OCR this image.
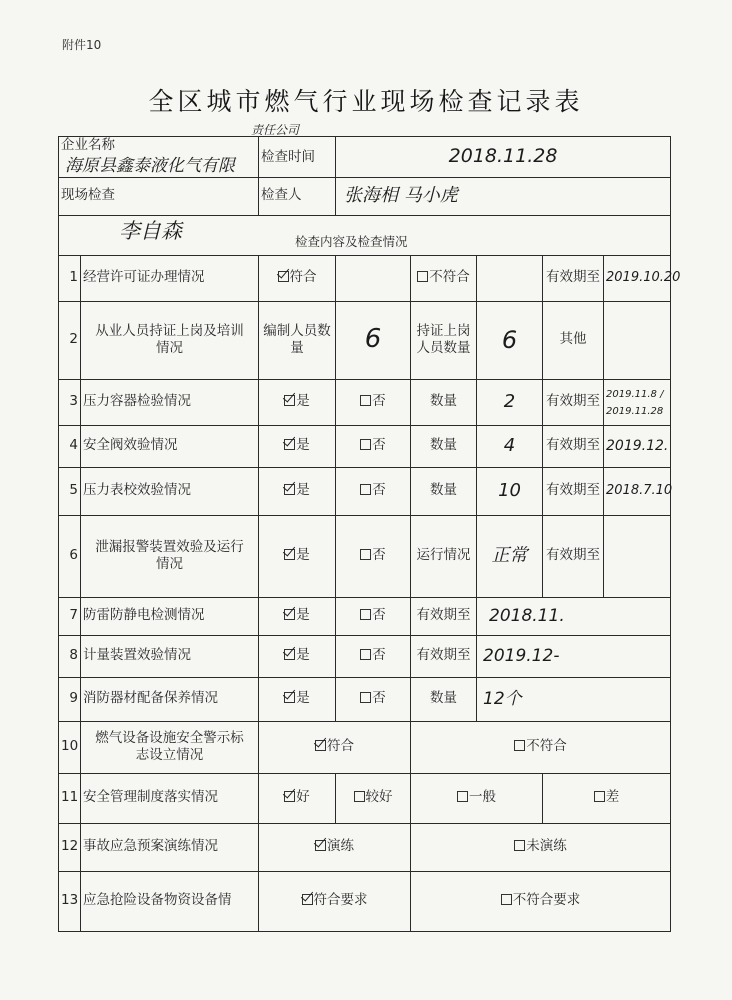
附件10
全区城市燃气行业现场检查记录表
企业名称 海原县鑫泰液化气有限		责任公司
检查时间	2018.11.28				
现场检查		检查人	张海相 马小虎				

李自森 检查内容及检查情况							
1	经营许可证办理情况	符合		不符合		有效期至	2019.10.20
2	从业人员持证上岗及培训情况	编制人员数量	6	持证上岗人员数量	6	其他	
3	压力容器检验情况	是	否	数量	2	有效期至	2019.11.8 / 2019.11.28
4	安全阀效验情况	是	否	数量	4	有效期至	2019.12.
5	压力表校效验情况	是	否	数量	10	有效期至	2018.7.10
6	泄漏报警装置效验及运行情况	是	否	运行情况	正常	有效期至	
7	防雷防静电检测情况	是	否	有效期至	2018.11.		
8	计量装置效验情况	是	否	有效期至	2019.12-		
9	消防器材配备保养情况	是	否	数量	12个		
10	燃气设备设施安全警示标志设立情况	符合		不符合			
11	安全管理制度落实情况	好	较好	一般		差	
12	事故应急预案演练情况	演练		未演练			
13	应急抢险设备物资设备情	符合要求		不符合要求			
